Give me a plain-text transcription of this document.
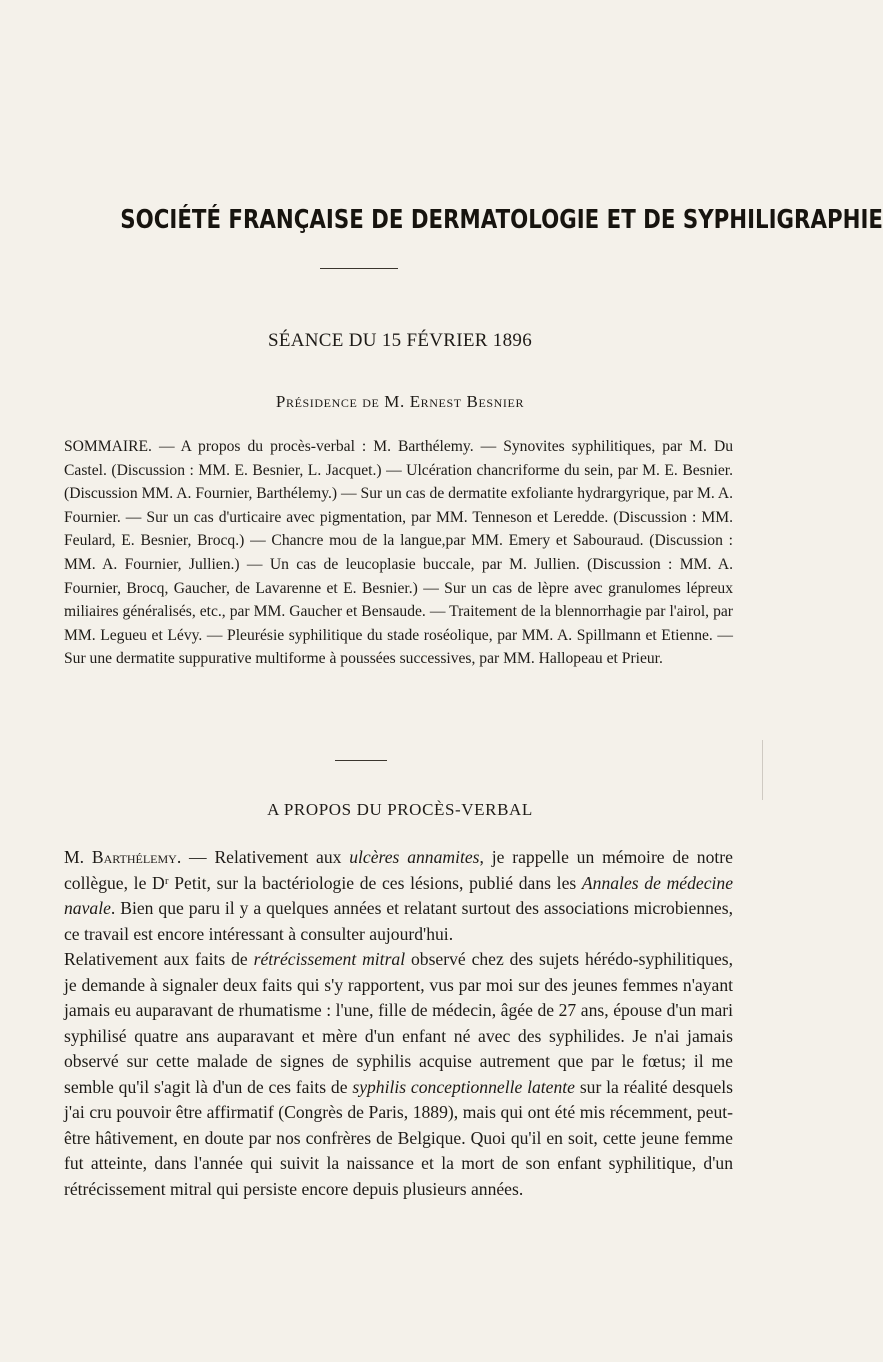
SOCIÉTÉ FRANÇAISE DE DERMATOLOGIE ET DE SYPHILIGRAPHIE
SÉANCE DU 15 FÉVRIER 1896
Présidence de M. Ernest Besnier
SOMMAIRE. — A propos du procès-verbal : M. Barthélemy. — Synovites syphilitiques, par M. Du Castel. (Discussion : MM. E. Besnier, L. Jacquet.) — Ulcération chancriforme du sein, par M. E. Besnier. (Discussion MM. A. Fournier, Barthélemy.) — Sur un cas de dermatite exfoliante hydrargyrique, par M. A. Fournier. — Sur un cas d'urticaire avec pigmentation, par MM. Tenneson et Leredde. (Discussion : MM. Feulard, E. Besnier, Brocq.) — Chancre mou de la langue,par MM. Emery et Sabouraud. (Discussion : MM. A. Fournier, Jullien.) — Un cas de leucoplasie buccale, par M. Jullien. (Discussion : MM. A. Fournier, Brocq, Gaucher, de Lavarenne et E. Besnier.) — Sur un cas de lèpre avec granulomes lépreux miliaires généralisés, etc., par MM. Gaucher et Bensaude. — Traitement de la blennorrhagie par l'airol, par MM. Legueu et Lévy. — Pleurésie syphilitique du stade roséolique, par MM. A. Spillmann et Etienne. — Sur une dermatite suppurative multiforme à poussées successives, par MM. Hallopeau et Prieur.
A PROPOS DU PROCÈS-VERBAL

M. Barthélemy. — Relativement aux ulcères annamites, je rappelle un mémoire de notre collègue, le Dʳ Petit, sur la bactériologie de ces lésions, publié dans les Annales de médecine navale. Bien que paru il y a quelques années et relatant surtout des associations microbiennes, ce travail est encore intéressant à consulter aujourd'hui.

Relativement aux faits de rétrécissement mitral observé chez des sujets hérédo-syphilitiques, je demande à signaler deux faits qui s'y rapportent, vus par moi sur des jeunes femmes n'ayant jamais eu auparavant de rhumatisme : l'une, fille de médecin, âgée de 27 ans, épouse d'un mari syphilisé quatre ans auparavant et mère d'un enfant né avec des syphilides. Je n'ai jamais observé sur cette malade de signes de syphilis acquise autrement que par le fœtus; il me semble qu'il s'agit là d'un de ces faits de syphilis conceptionnelle latente sur la réalité desquels j'ai cru pouvoir être affirmatif (Congrès de Paris, 1889), mais qui ont été mis récemment, peut-être hâtivement, en doute par nos confrères de Belgique. Quoi qu'il en soit, cette jeune femme fut atteinte, dans l'année qui suivit la naissance et la mort de son enfant syphilitique, d'un rétrécissement mitral qui persiste encore depuis plusieurs années.
